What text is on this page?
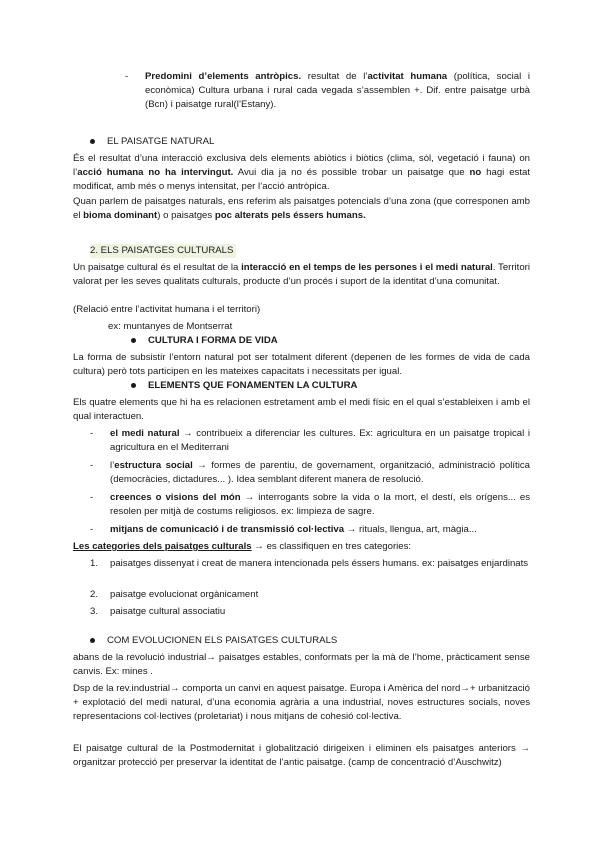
- Predomini d’elements antròpics. resultat de l’activitat humana (política, social i econòmica) Cultura urbana i rural cada vegada s’assemblen +. Dif. entre paisatge urbà (Bcn) i paisatge rural(l’Estany).

EL PAISATGE NATURAL

És el resultat d’una interacció exclusiva dels elements abiòtics i biòtics (clima, sòl, vegetació i fauna) on l’acció humana no ha intervingut. Avui dia ja no és possible trobar un paisatge que no hagi estat modificat, amb més o menys intensitat, per l’acció antròpica.

Quan parlem de paisatges naturals, ens referim als paisatges potencials d’una zona (que corresponen amb el bioma dominant) o paisatges poc alterats pels éssers humans.

2. ELS PAISATGES CULTURALS

Un paisatge cultural és el resultat de la interacció en el temps de les persones i el medi natural. Territori valorat per les seves qualitats culturals, producte d’un procés i suport de la identitat d’una comunitat.

(Relació entre l’activitat humana i el territori)
ex: muntanyes de Montserrat
CULTURA I FORMA DE VIDA

La forma de subsistir l’entorn natural pot ser totalment diferent (depenen de les formes de vida de cada cultura) però tots participen en les mateixes capacitats i necessitats per igual.

ELEMENTS QUE FONAMENTEN LA CULTURA

Els quatre elements que hi ha es relacionen estretament amb el medi físic en el qual s’estableixen i amb el qual interactuen.

- el medi natural → contribueix a diferenciar les cultures. Ex: agricultura en un paisatge tropical i agricultura en el Mediterrani

- l’estructura social → formes de parentiu, de governament, organització, administració política (democràcies, dictadures... ). Idea semblant diferent manera de resolució.

- creences o visions del món → interrogants sobre la vida o la mort, el destí, els orígens... es resolen per mitjà de costums religiosos. ex: limpieza de sagre.

- mitjans de comunicació i de transmissió col·lectiva → rituals, llengua, art, màgia...

Les categories dels paisatges culturals → es classifiquen en tres categories:

1. paisatges dissenyat i creat de manera intencionada pels éssers humans. ex: paisatges enjardinats

2. paisatge evolucionat orgànicament

3. paisatge cultural associatiu

COM EVOLUCIONEN ELS PAISATGES CULTURALS

abans de la revolució industrial→ paisatges estables, conformats per la mà de l’home, pràcticament sense canvis. Ex: mines .

Dsp de la rev.industrial→ comporta un canvi en aquest paisatge. Europa i Amèrica del nord→+ urbanització + explotació del medi natural, d’una economia agrària a una industrial, noves estructures socials, noves representacions col·lectives (proletariat) i nous mitjans de cohesió col·lectiva.

El paisatge cultural de la Postmodernitat i globalització dirigeixen i eliminen els paisatges anteriors → organitzar protecció per preservar la identitat de l’antic paisatge. (camp de concentració d’Auschwitz)
